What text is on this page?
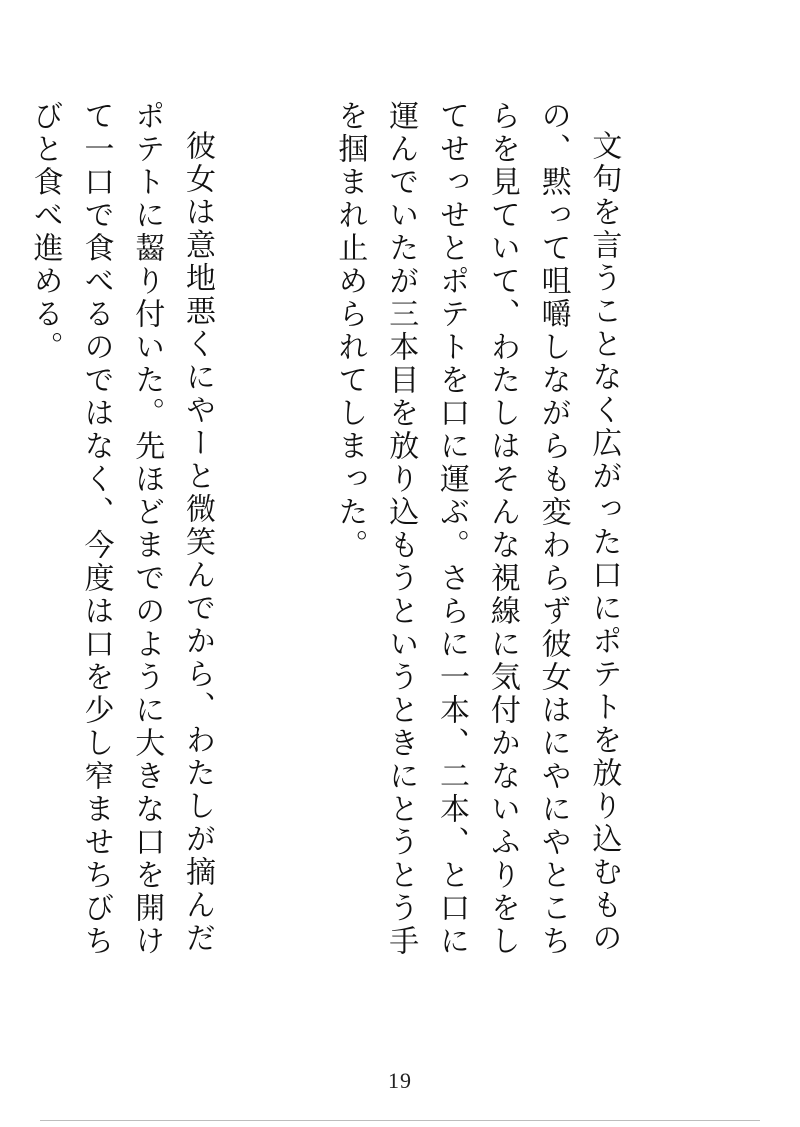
文句を言うことなく広がった口にポテトを放り込むものの、黙って咀嚼しながらも変わらず彼女はにやにやとこちらを見ていて、わたしはそんな視線に気付かないふりをしてせっせとポテトを口に運ぶ。さらに一本、二本、と口に運んでいたが三本目を放り込もうというときにとうとう手を掴まれ止められてしまった。

彼女は意地悪くにやーと微笑んでから、わたしが摘んだポテトに齧り付いた。先ほどまでのように大きな口を開けて一口で食べるのではなく、今度は口を少し窄ませちびちびと食べ進める。

19
